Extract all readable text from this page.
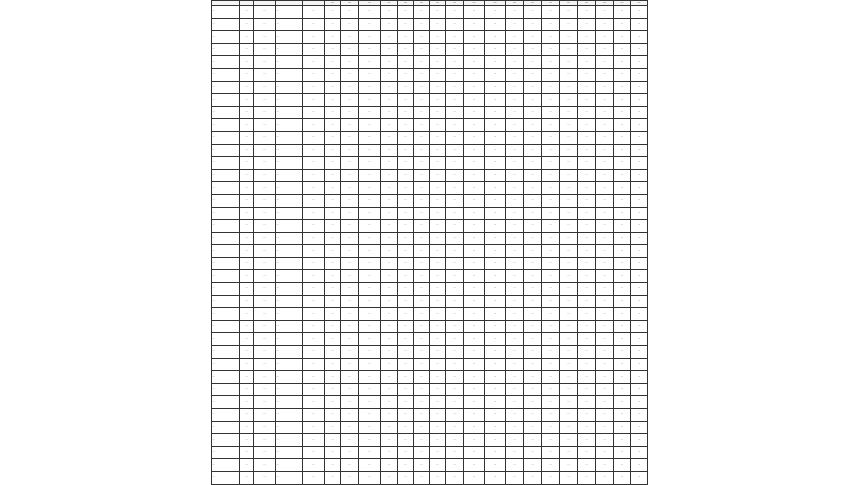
					...	...	...	...	...	...	...	...	...	...	...	...	...	...	...	...	...	...
...	...	...	...	...	...	...	...	...	...	...	...	...	...	...	...	...	...	...	...	...	...	...
...	...	...	...	...	...	...	...	...	...	...	...	...	...	...	...	...	...	...	...	...	...	...
...	...	...	...	...	...	...	...	...	...	...	...	...	...	...	...	...	...	...	...	...	...	...
...	...	...	...	...	...	...	...	...	...	...	...	...	...	...	...	...	...	...	...	...	...	...
...	...	...	...	...	...	...	...	...	...	...	...	...	...	...	...	...	...	...	...	...	...	...
...	...	...	...	...	...	...	...	...	...	...	...	...	...	...	...	...	...	...	...	...	...	...
...	...	...	...	...	...	...	...	...	...	...	...	...	...	...	...	...	...	...	...	...	...	...
...	...	...	...	...	...	...	...	...	...	...	...	...	...	...	...	...	...	...	...	...	...	...
...	...	...	...	...	...	...	...	...	...	...	...	...	...	...	...	...	...	...	...	...	...	...
...	...	...	...	...	...	...	...	...	...	...	...	...	...	...	...	...	...	...	...	...	...	...
...	...	...	...	...	...	...	...	...	...	...	...	...	...	...	...	...	...	...	...	...	...	...
...	...	...	...	...	...	...	...	...	...	...	...	...	...	...	...	...	...	...	...	...	...	...
...	...	...	...	...	...	...	...	...	...	...	...	...	...	...	...	...	...	...	...	...	...	...
...	...	...	...	...	...	...	...	...	...	...	...	...	...	...	...	...	...	...	...	...	...	...
...	...	...	...	...	...	...	...	...	...	...	...	...	...	...	...	...	...	...	...	...	...	...
...	...	...	...	...	...	...	...	...	...	...	...	...	...	...	...	...	...	...	...	...	...	...
...	...	...	...	...	...	...	...	...	...	...	...	...	...	...	...	...	...	...	...	...	...	...
...	...	...	...	...	...	...	...	...	...	...	...	...	...	...	...	...	...	...	...	...	...	...
...	...	...	...	...	...	...	...	...	...	...	...	...	...	...	...	...	...	...	...	...	...	...
...	...	...	...	...	...	...	...	...	...	...	...	...	...	...	...	...	...	...	...	...	...	...
...	...	...	...	...	...	...	...	...	...	...	...	...	...	...	...	...	...	...	...	...	...	...
...	...	...	...	...	...	...	...	...	...	...	...	...	...	...	...	...	...	...	...	...	...	...
...	...	...	...	...	...	...	...	...	...	...	...	...	...	...	...	...	...	...	...	...	...	...
...	...	...	...	...	...	...	...	...	...	...	...	...	...	...	...	...	...	...	...	...	...	...
...	...	...	...	...	...	...	...	...	...	...	...	...	...	...	...	...	...	...	...	...	...	...
...	...	...	...	...	...	...	...	...	...	...	...	...	...	...	...	...	...	...	...	...	...	...
...	...	...	...	...	...	...	...	...	...	...	...	...	...	...	...	...	...	...	...	...	...	...
...	...	...	...	...	...	...	...	...	...	...	...	...	...	...	...	...	...	...	...	...	...	...
...	...	...	...	...	...	...	...	...	...	...	...	...	...	...	...	...	...	...	...	...	...	...
...	...	...	...	...	...	...	...	...	...	...	...	...	...	...	...	...	...	...	...	...	...	...
...	...	...	...	...	...	...	...	...	...	...	...	...	...	...	...	...	...	...	...	...	...	...
...	...	...	...	...	...	...	...	...	...	...	...	...	...	...	...	...	...	...	...	...	...	...
...	...	...	...	...	...	...	...	...	...	...	...	...	...	...	...	...	...	...	...	...	...	...
...	...	...	...	...	...	...	...	...	...	...	...	...	...	...	...	...	...	...	...	...	...	...
...	...	...	...	...	...	...	...	...	...	...	...	...	...	...	...	...	...	...	...	...	...	...
...	...	...	...	...	...	...	...	...	...	...	...	...	...	...	...	...	...	...	...	...	...	...
...	...	...	...	...	...	...	...	...	...	...	...	...	...	...	...	...	...	...	...	...	...	...
...	...	...	...	...	...	...	...	...	...	...	...	...	...	...	...	...	...	...	...	...	...	...
